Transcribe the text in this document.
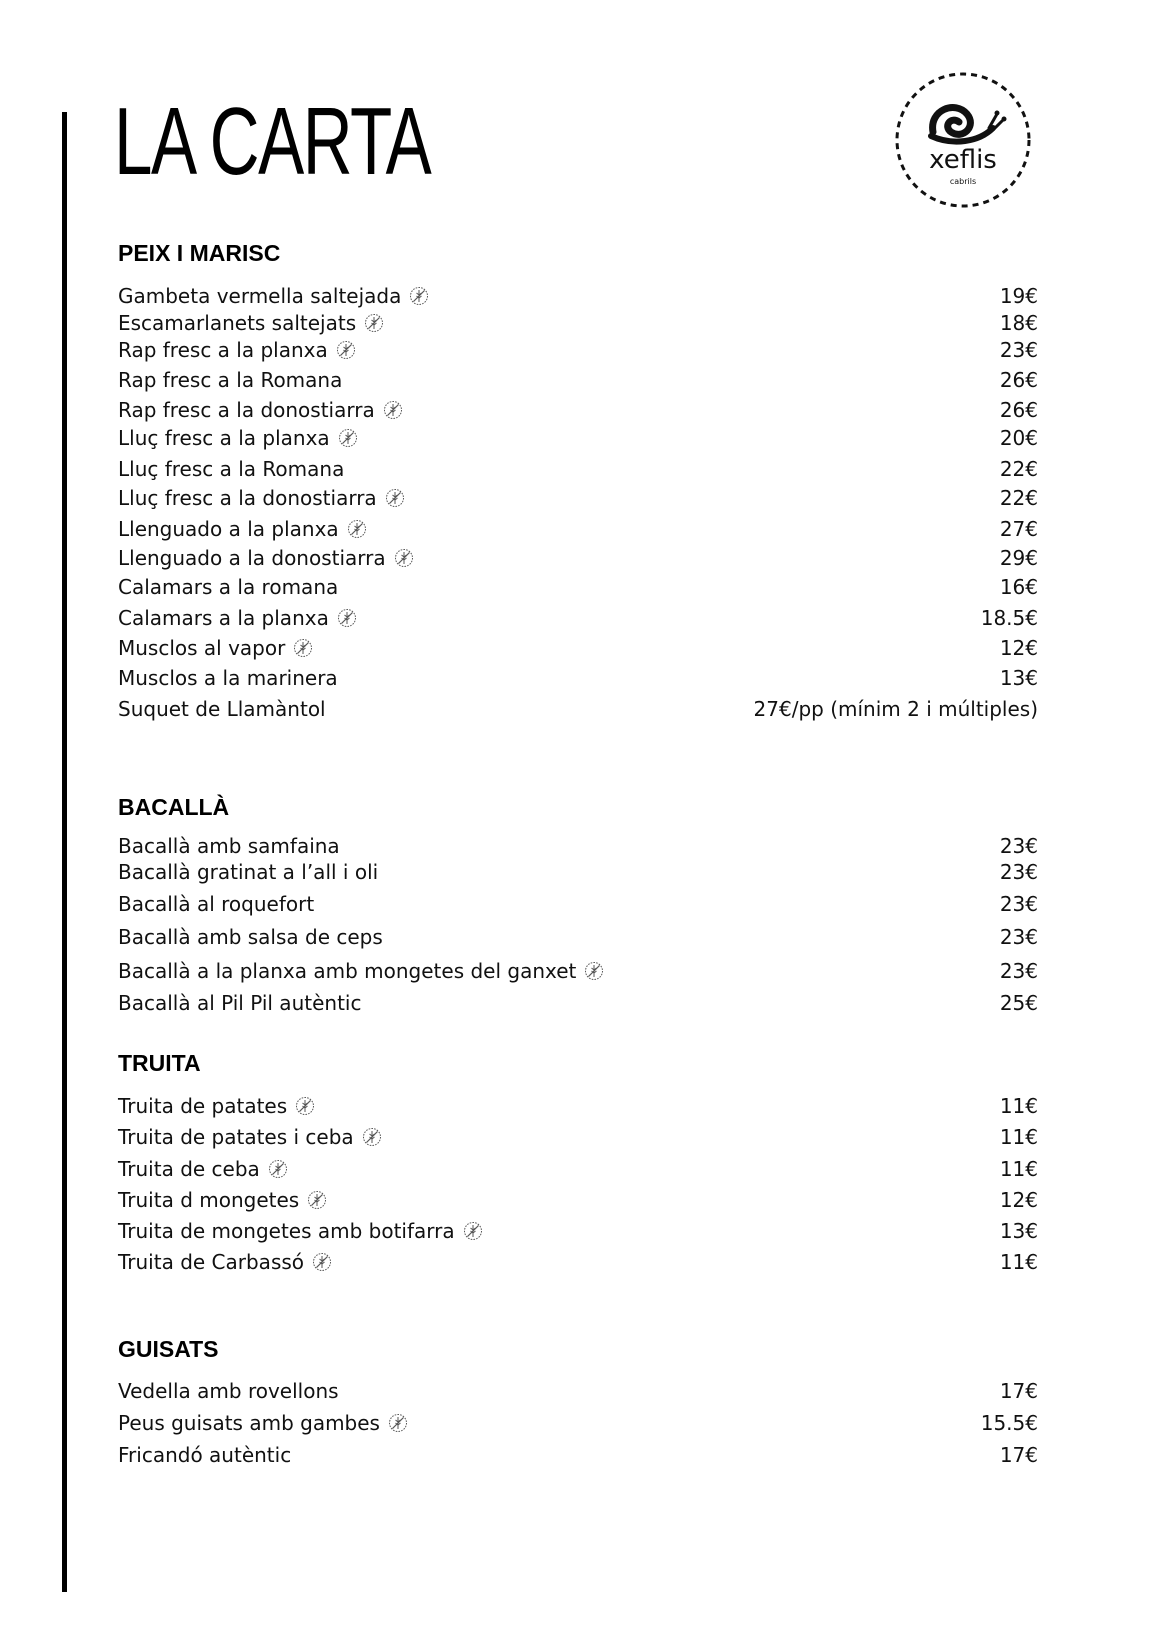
LA CARTA	xeflis
cabrils
PEIX I MARISC
Gambeta vermella saltejada	19€
Escamarlanets saltejats	18€
Rap fresc a la planxa	23€
Rap fresc a la Romana	26€
Rap fresc a la donostiarra	26€
Lluç fresc a la planxa	20€
Lluç fresc a la Romana	22€
Lluç fresc a la donostiarra	22€
Llenguado a la planxa	27€
Llenguado a la donostiarra	29€
Calamars a la romana	16€
Calamars a la planxa	18.5€
Musclos al vapor	12€
Musclos a la marinera	13€
Suquet de Llamàntol	27€/pp (mínim 2 i múltiples)
BACALLÀ
Bacallà amb samfaina	23€
Bacallà gratinat a l’all i oli	23€
Bacallà al roquefort	23€
Bacallà amb salsa de ceps	23€
Bacallà a la planxa amb mongetes del ganxet	23€
Bacallà al Pil Pil autèntic	25€
TRUITA
Truita de patates	11€
Truita de patates i ceba	11€
Truita de ceba	11€
Truita d mongetes	12€
Truita de mongetes amb botifarra	13€
Truita de Carbassó	11€
GUISATS
Vedella amb rovellons	17€
Peus guisats amb gambes	15.5€
Fricandó autèntic	17€
